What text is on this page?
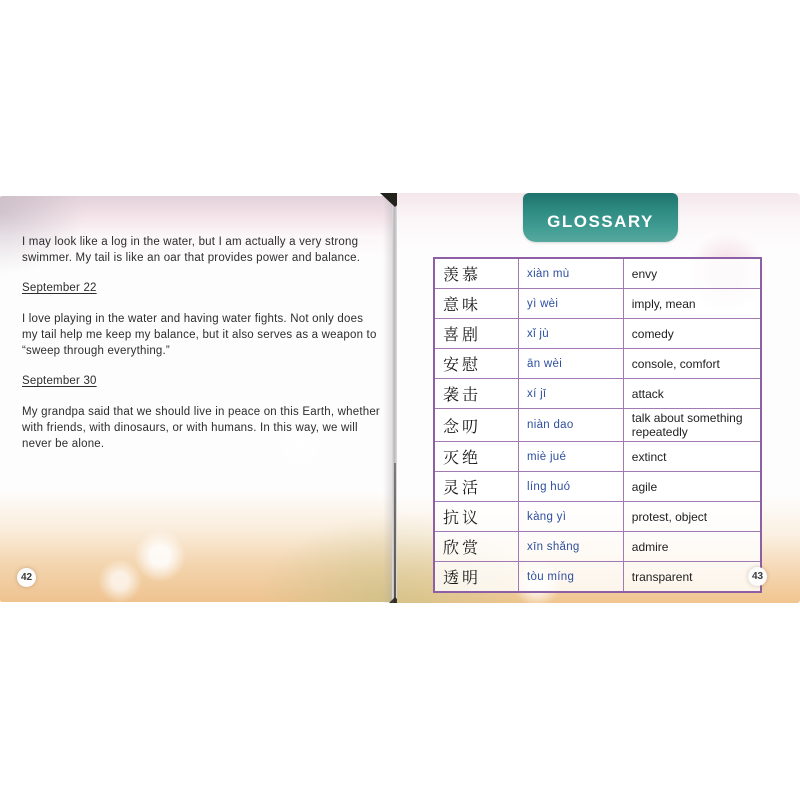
I may look like a log in the water, but I am actually a very strong swimmer. My tail is like an oar that provides power and balance.

September 22

I love playing in the water and having water fights. Not only does my tail help me keep my balance, but it also serves as a weapon to “sweep through everything.”

September 30

My grandpa said that we should live in peace on this Earth, whether with friends, with dinosaurs, or with humans. In this way, we will never be alone.

42
GLOSSARY
羡慕	xiàn mù	envy
意味	yì wèi	imply, mean
喜剧	xǐ jù	comedy
安慰	ān wèi	console, comfort
袭击	xí jī	attack
念叨	niàn dao	talk about something repeatedly
灭绝	miè jué	extinct
灵活	líng huó	agile
抗议	kàng yì	protest, object
欣赏	xīn shǎng	admire
透明	tòu míng	transparent	43
